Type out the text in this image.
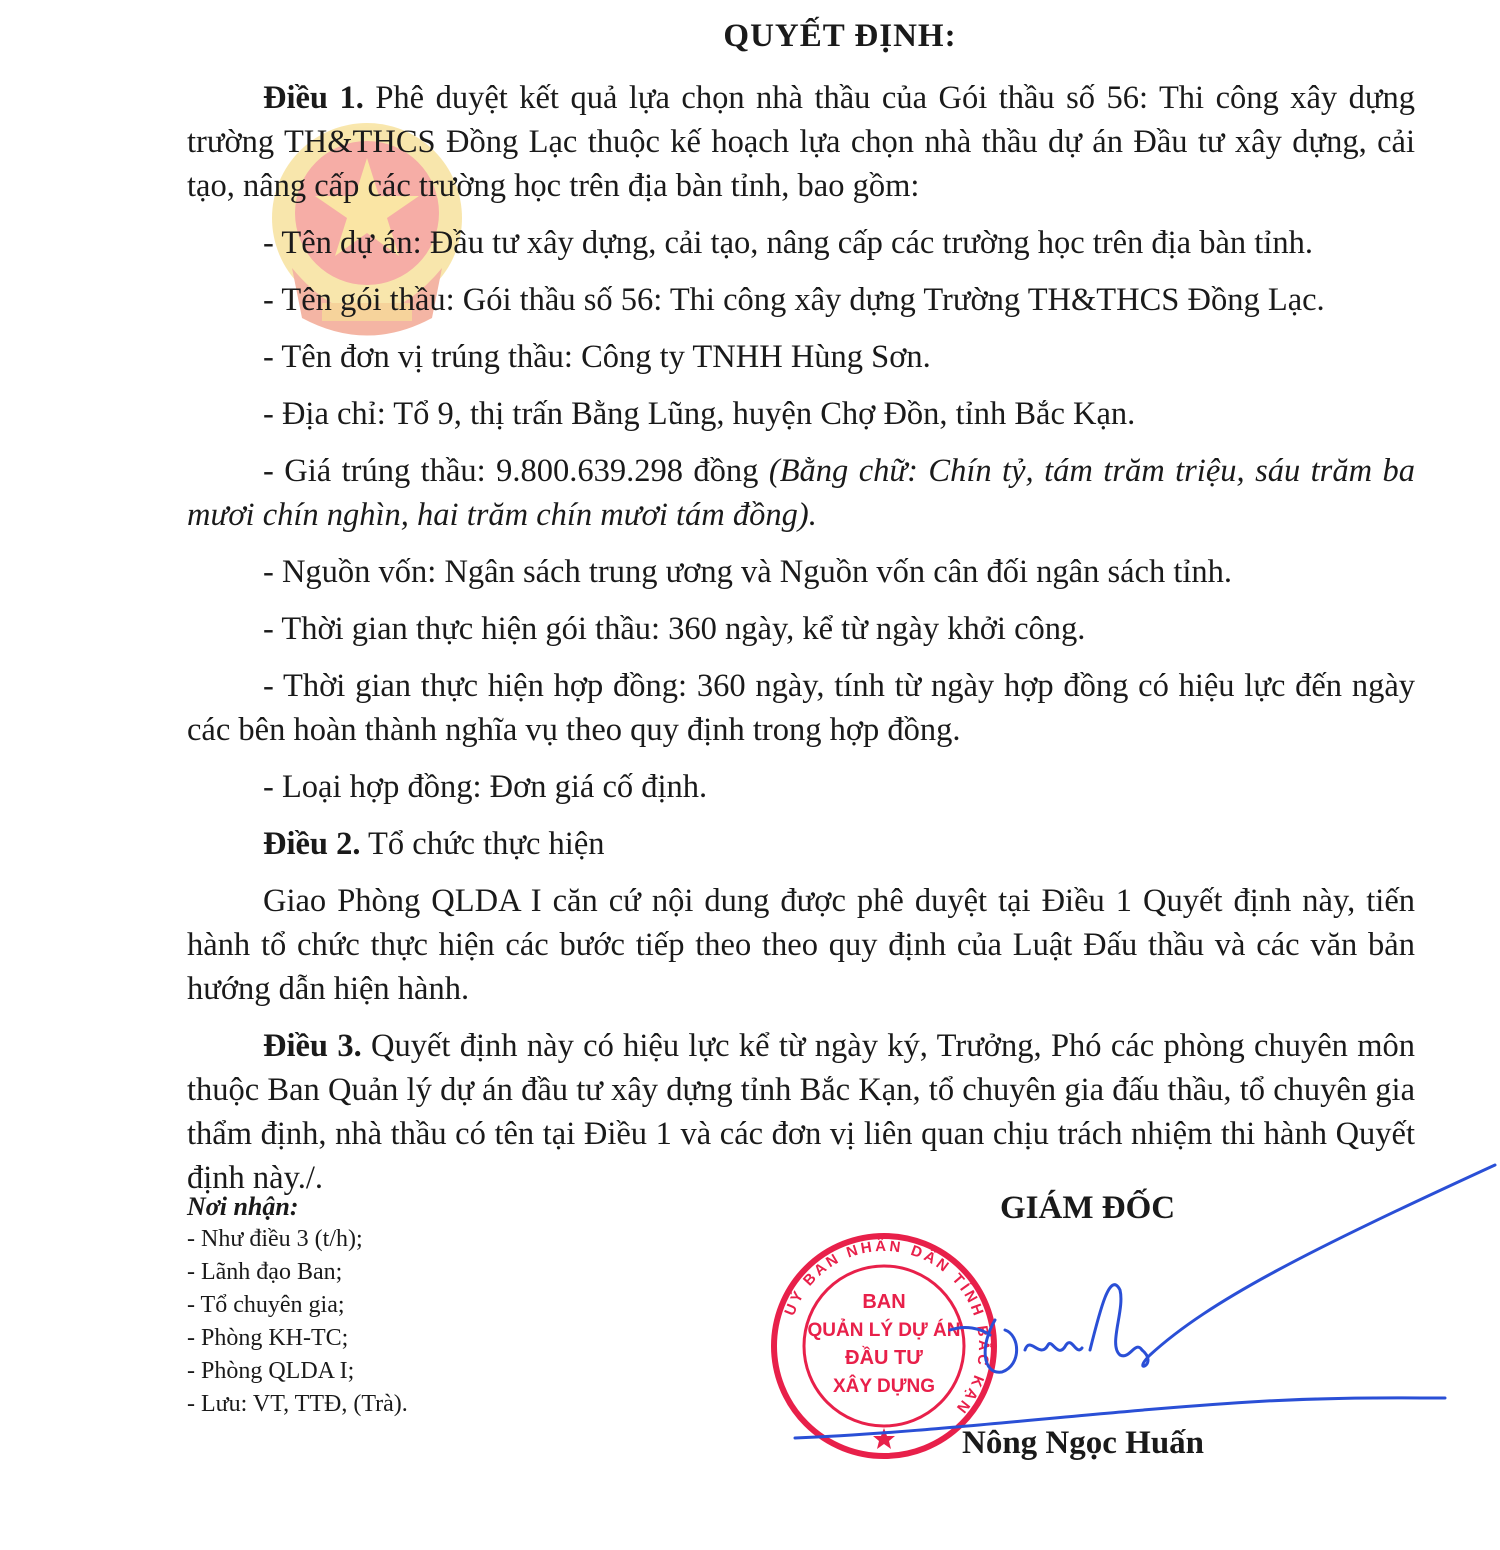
QUYẾT ĐỊNH:

Điều 1. Phê duyệt kết quả lựa chọn nhà thầu của Gói thầu số 56: Thi công xây dựng trường TH&THCS Đồng Lạc thuộc kế hoạch lựa chọn nhà thầu dự án Đầu tư xây dựng, cải tạo, nâng cấp các trường học trên địa bàn tỉnh, bao gồm:

- Tên dự án: Đầu tư xây dựng, cải tạo, nâng cấp các trường học trên địa bàn tỉnh.

- Tên gói thầu: Gói thầu số 56: Thi công xây dựng Trường TH&THCS Đồng Lạc.

- Tên đơn vị trúng thầu: Công ty TNHH Hùng Sơn.

- Địa chỉ: Tổ 9, thị trấn Bằng Lũng, huyện Chợ Đồn, tỉnh Bắc Kạn.

- Giá trúng thầu: 9.800.639.298 đồng (Bằng chữ: Chín tỷ, tám trăm triệu, sáu trăm ba mươi chín nghìn, hai trăm chín mươi tám đồng).

- Nguồn vốn: Ngân sách trung ương và Nguồn vốn cân đối ngân sách tỉnh.

- Thời gian thực hiện gói thầu: 360 ngày, kể từ ngày khởi công.

- Thời gian thực hiện hợp đồng: 360 ngày, tính từ ngày hợp đồng có hiệu lực đến ngày các bên hoàn thành nghĩa vụ theo quy định trong hợp đồng.

- Loại hợp đồng: Đơn giá cố định.

Điều 2. Tổ chức thực hiện

Giao Phòng QLDA I căn cứ nội dung được phê duyệt tại Điều 1 Quyết định này, tiến hành tổ chức thực hiện các bước tiếp theo theo quy định của Luật Đấu thầu và các văn bản hướng dẫn hiện hành.

Điều 3. Quyết định này có hiệu lực kể từ ngày ký, Trưởng, Phó các phòng chuyên môn thuộc Ban Quản lý dự án đầu tư xây dựng tỉnh Bắc Kạn, tổ chuyên gia đấu thầu, tổ chuyên gia thẩm định, nhà thầu có tên tại Điều 1 và các đơn vị liên quan chịu trách nhiệm thi hành Quyết định này./.

Nơi nhận:
- Như điều 3 (t/h);
- Lãnh đạo Ban;
- Tổ chuyên gia;
- Phòng KH-TC;
- Phòng QLDA I;
- Lưu: VT, TTĐ, (Trà).
GIÁM ĐỐC
UỶ BAN NHÂN DÂN TỈNH BẮC KẠN
BAN
QUẢN LÝ DỰ ÁN
ĐẦU TƯ
XÂY DỰNG
Nông Ngọc Huấn
